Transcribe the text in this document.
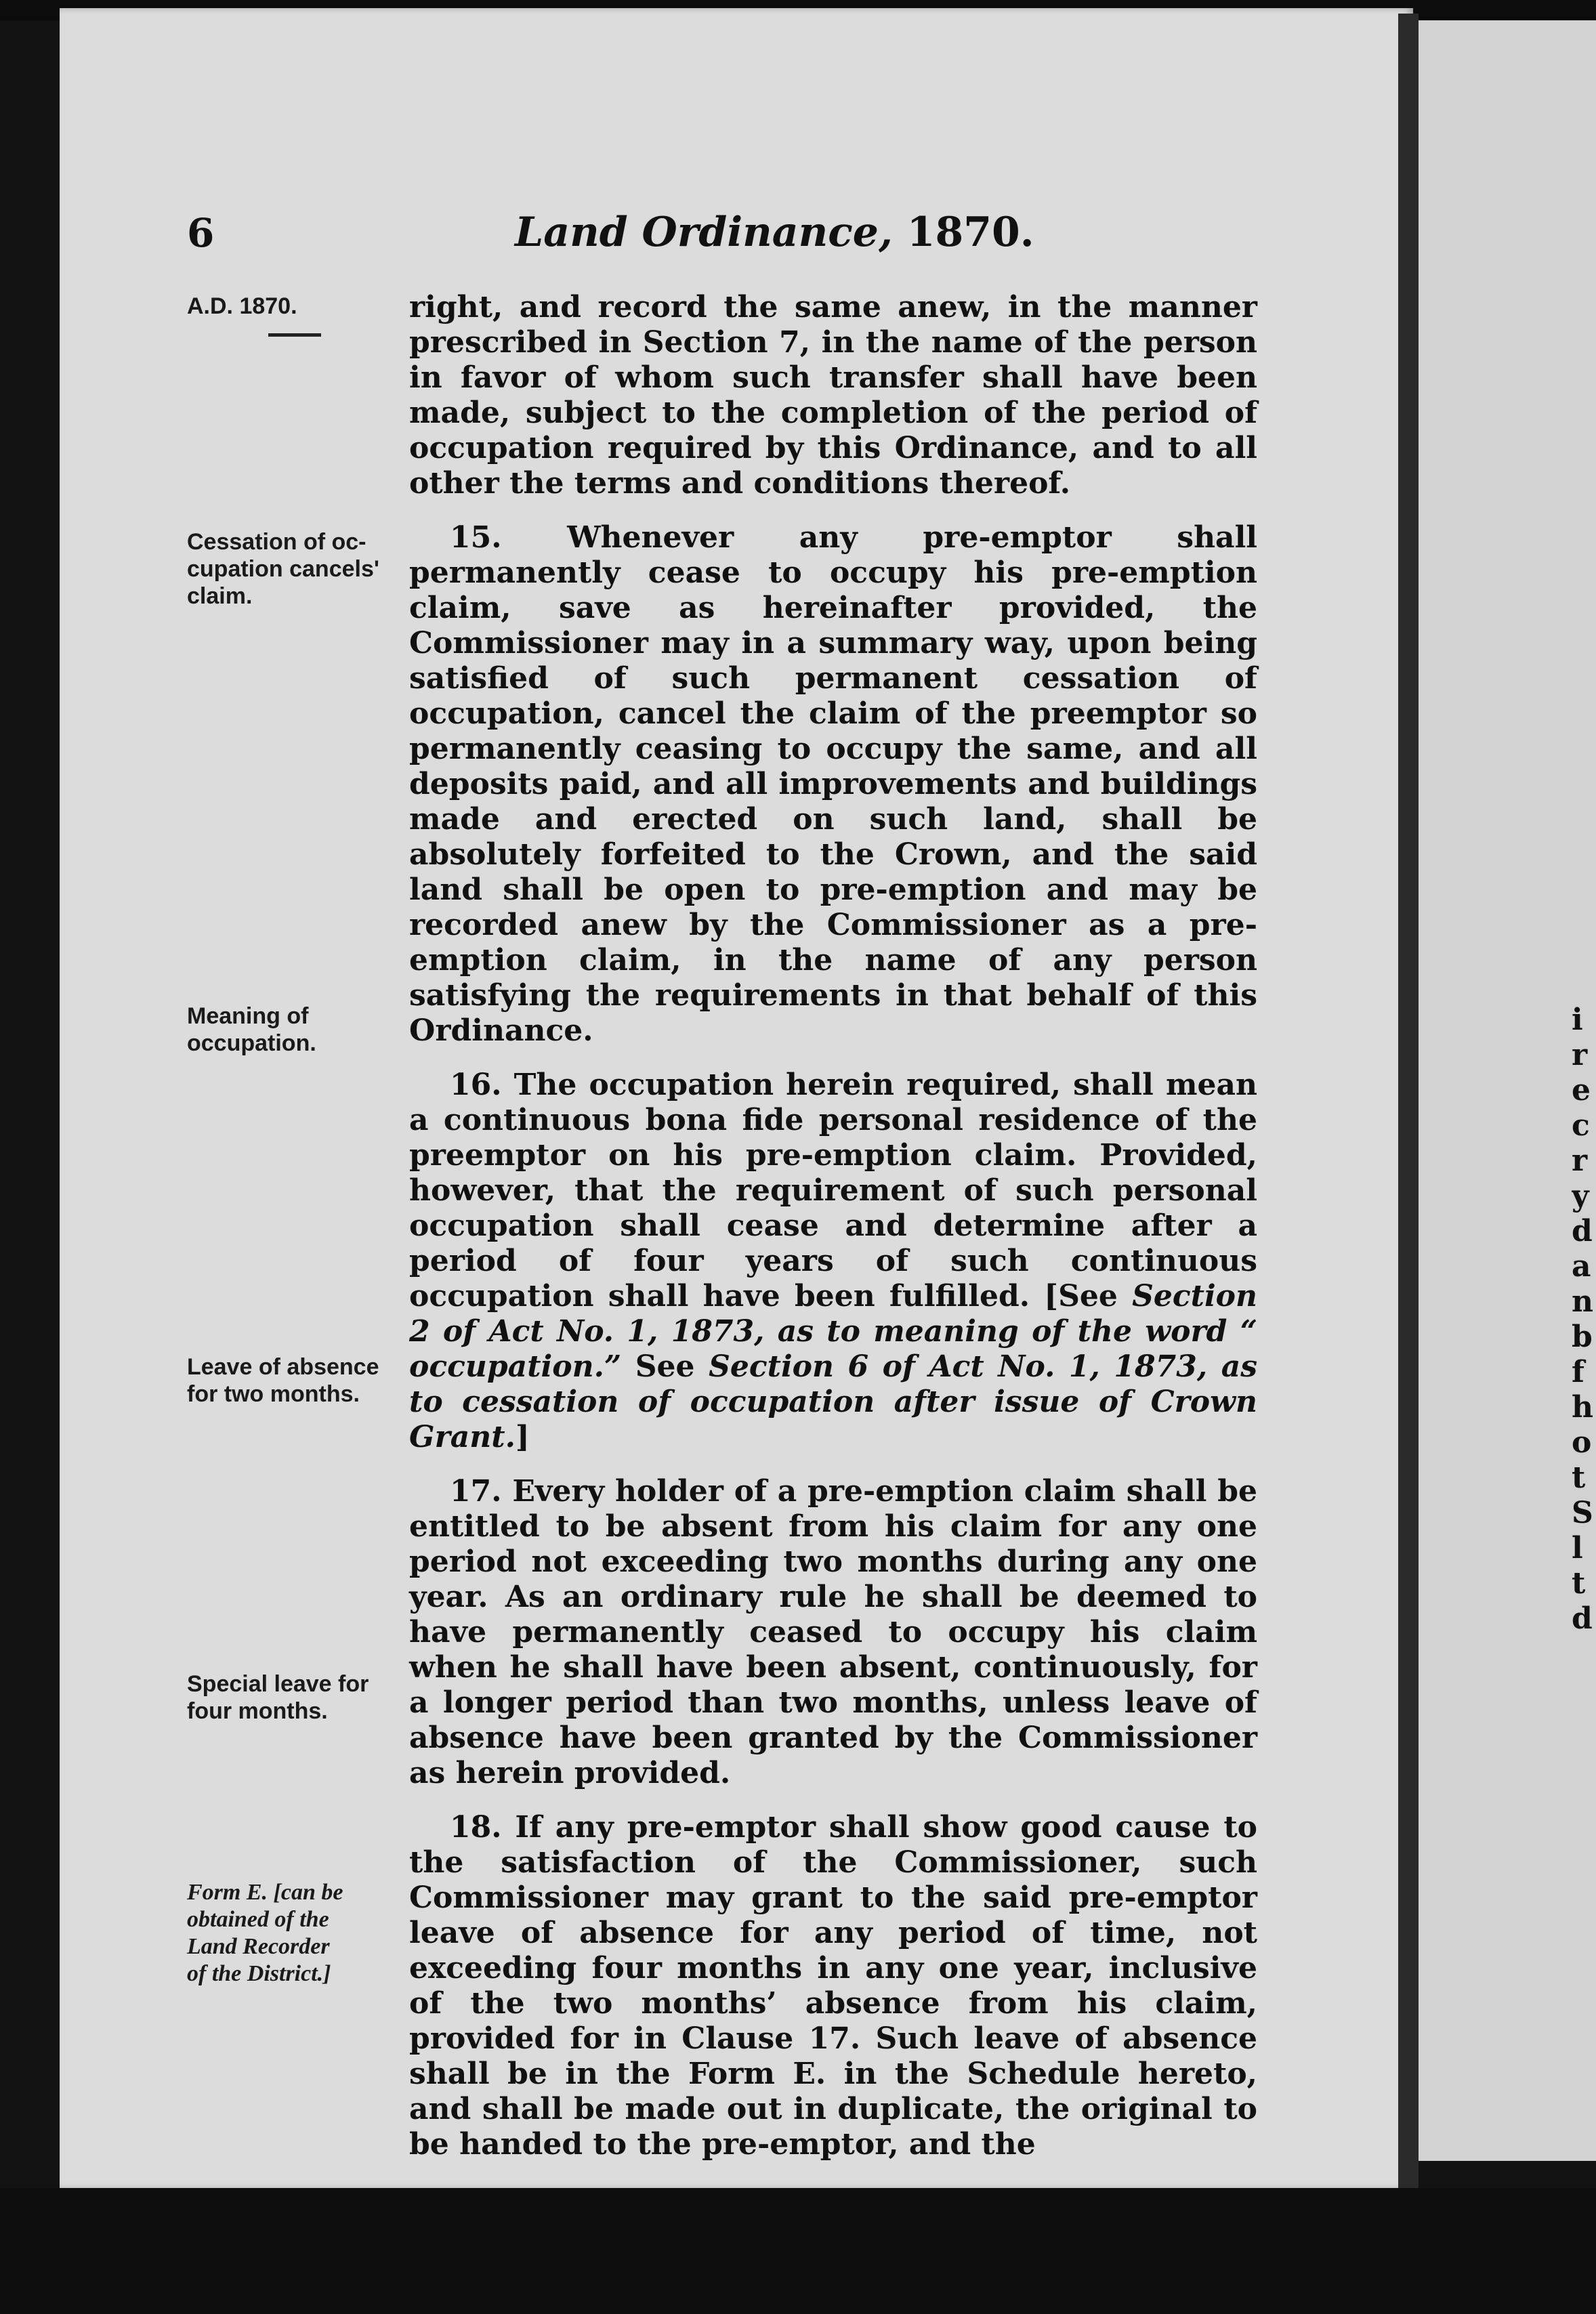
6	Land Ordinance, 1870.
A.D. 1870.
Cessation of oc-
cupation cancels'
claim.
Meaning of
occupation.
Leave of absence
for two months.
Special leave for
four months.
Form E. [can be
obtained of the
Land Recorder
of the District.]

right, and record the same anew, in the manner prescribed in Section 7, in the name of the person in favor of whom such transfer shall have been made, subject to the completion of the period of occupation required by this Ordinance, and to all other the terms and conditions thereof.

15. Whenever any pre-emptor shall permanently cease to occupy his pre-emption claim, save as hereinafter provided, the Commissioner may in a summary way, upon being satisfied of such permanent cessation of occupation, cancel the claim of the preemptor so permanently ceasing to occupy the same, and all deposits paid, and all improvements and buildings made and erected on such land, shall be absolutely forfeited to the Crown, and the said land shall be open to pre-emption and may be recorded anew by the Commissioner as a pre-emption claim, in the name of any person satisfying the requirements in that behalf of this Ordinance.

16. The occupation herein required, shall mean a continuous bona fide personal residence of the preemptor on his pre-emption claim. Provided, however, that the requirement of such personal occupation shall cease and determine after a period of four years of such continuous occupation shall have been fulfilled. [See Section 2 of Act No. 1, 1873, as to meaning of the word “ occupation.” See Section 6 of Act No. 1, 1873, as to cessation of occupation after issue of Crown Grant.]

17. Every holder of a pre-emption claim shall be entitled to be absent from his claim for any one period not exceeding two months during any one year. As an ordinary rule he shall be deemed to have permanently ceased to occupy his claim when he shall have been absent, continuously, for a longer period than two months, unless leave of absence have been granted by the Commissioner as herein provided.

18. If any pre-emptor shall show good cause to the satisfaction of the Commissioner, such Commissioner may grant to the said pre-emptor leave of absence for any period of time, not exceeding four months in any one year, inclusive of the two months’ absence from his claim, provided for in Clause 17. Such leave of absence shall be in the Form E. in the Schedule hereto, and shall be made out in duplicate, the original to be handed to the pre-emptor, and the

i
r
e
c
r
y
d
a
n
b
f
h
o
t
S
l
t
d
